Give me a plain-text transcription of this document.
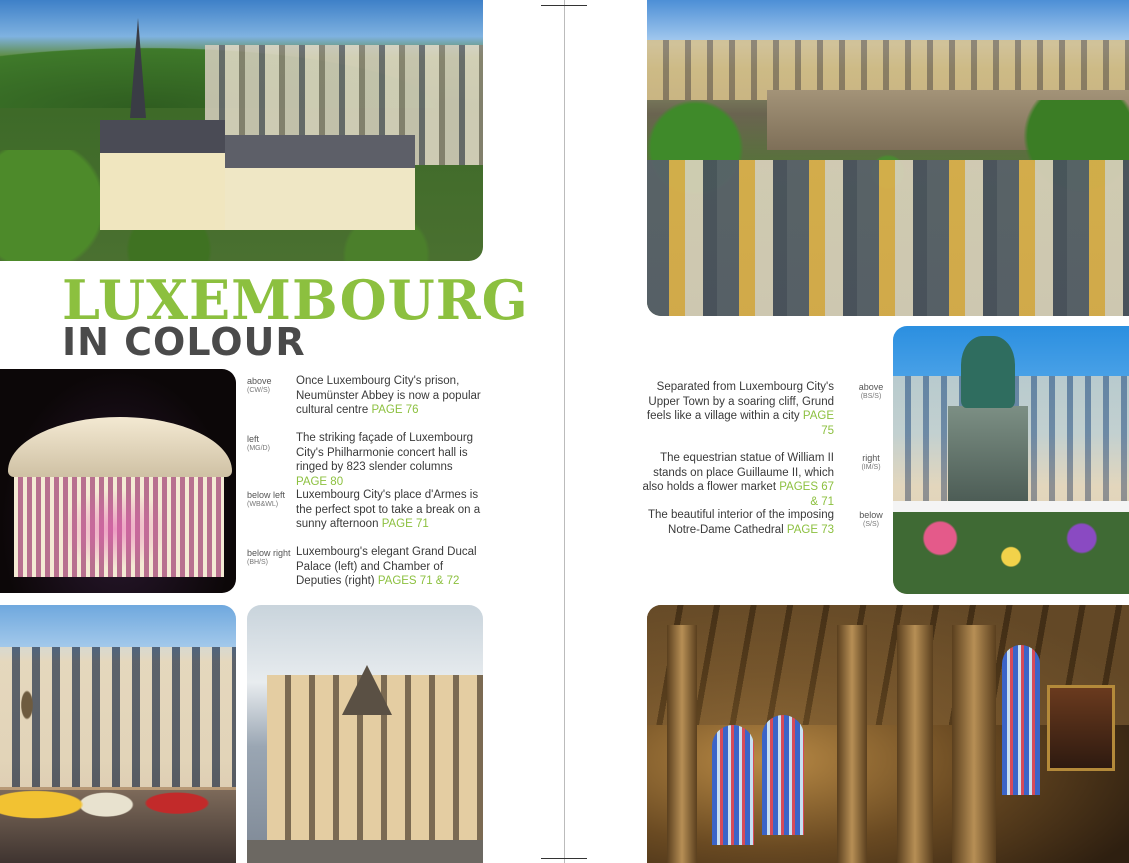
LUXEMBOURG
IN COLOUR
above
(CW/S)
Once Luxembourg City's prison, Neumünster Abbey is now a popular cultural centre PAGE 76
left
(MG/D)
The striking façade of Luxembourg City's Philharmonie concert hall is ringed by 823 slender columns PAGE 80
below left
(WB&WL)
Luxembourg City's place d'Armes is the perfect spot to take a break on a sunny afternoon PAGE 71
below right
(BH/S)
Luxembourg's elegant Grand Ducal Palace (left) and Chamber of Deputies (right) PAGES 71 & 72
Separated from Luxembourg City's Upper Town by a soaring cliff, Grund feels like a village within a city PAGE 75
above
(BS/S)
The equestrian statue of William II stands on place Guillaume II, which also holds a flower market PAGES 67 & 71
right
(IM/S)
The beautiful interior of the imposing Notre-Dame Cathedral PAGE 73
below
(S/S)
